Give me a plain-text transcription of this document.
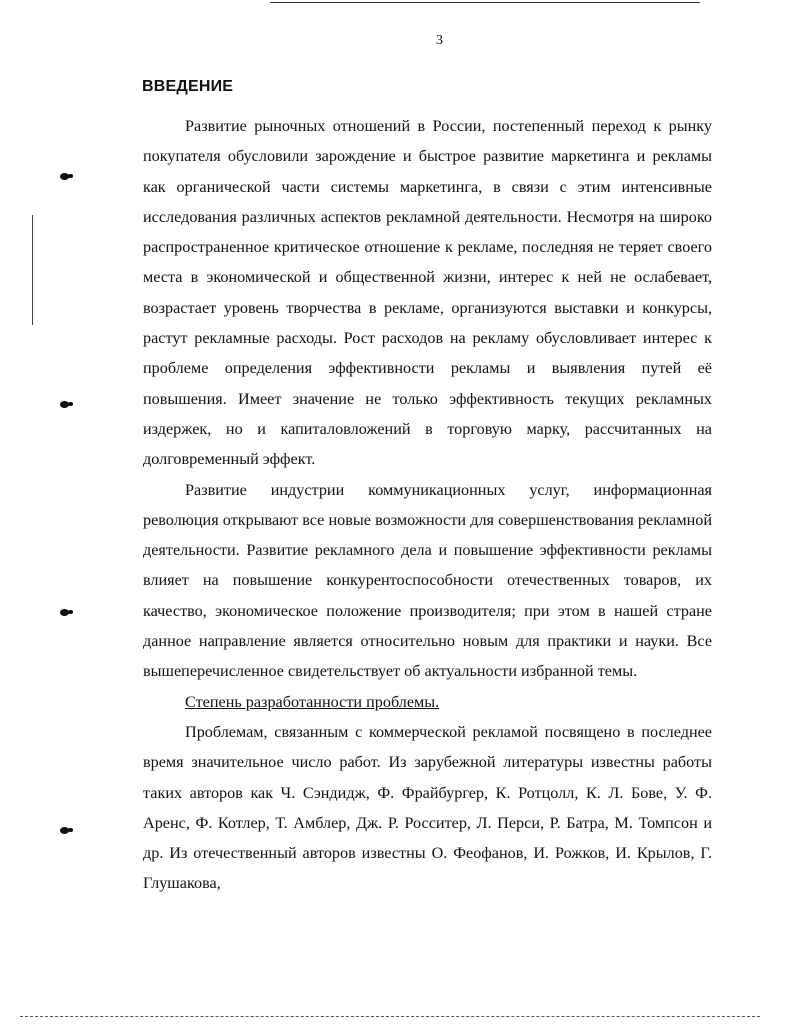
3
ВВЕДЕНИЕ

Развитие рыночных отношений в России, постепенный переход к рынку покупателя обусловили зарождение и быстрое развитие маркетинга и рекламы как органической части системы маркетинга, в связи с этим интенсивные исследования различных аспектов рекламной деятельности. Несмотря на широко распространенное критическое отношение к рекламе, последняя не теряет своего места в экономической и общественной жизни, интерес к ней не ослабевает, возрастает уровень творчества в рекламе, организуются выставки и конкурсы, растут рекламные расходы. Рост расходов на рекламу обусловливает интерес к проблеме определения эффективности рекламы и выявления путей её повышения. Имеет значение не только эффективность текущих рекламных издержек, но и капиталовложений в торговую марку, рассчитанных на долговременный эффект.

Развитие индустрии коммуникационных услуг, информационная революция открывают все новые возможности для совершенствования рекламной деятельности. Развитие рекламного дела и повышение эффективности рекламы влияет на повышение конкурентоспособности отечественных товаров, их качество, экономическое положение производителя; при этом в нашей стране данное направление является относительно новым для практики и науки. Все вышеперечисленное свидетельствует об актуальности избранной темы.

Степень разработанности проблемы.

Проблемам, связанным с коммерческой рекламой посвящено в последнее время значительное число работ. Из зарубежной литературы известны работы таких авторов как Ч. Сэндидж, Ф. Фрайбургер, К. Ротцолл, К. Л. Бове, У. Ф. Аренс, Ф. Котлер, Т. Амблер, Дж. Р. Росситер, Л. Перси, Р. Батра, М. Томпсон и др. Из отечественный авторов известны О. Феофанов, И. Рожков, И. Крылов, Г. Глушакова,
